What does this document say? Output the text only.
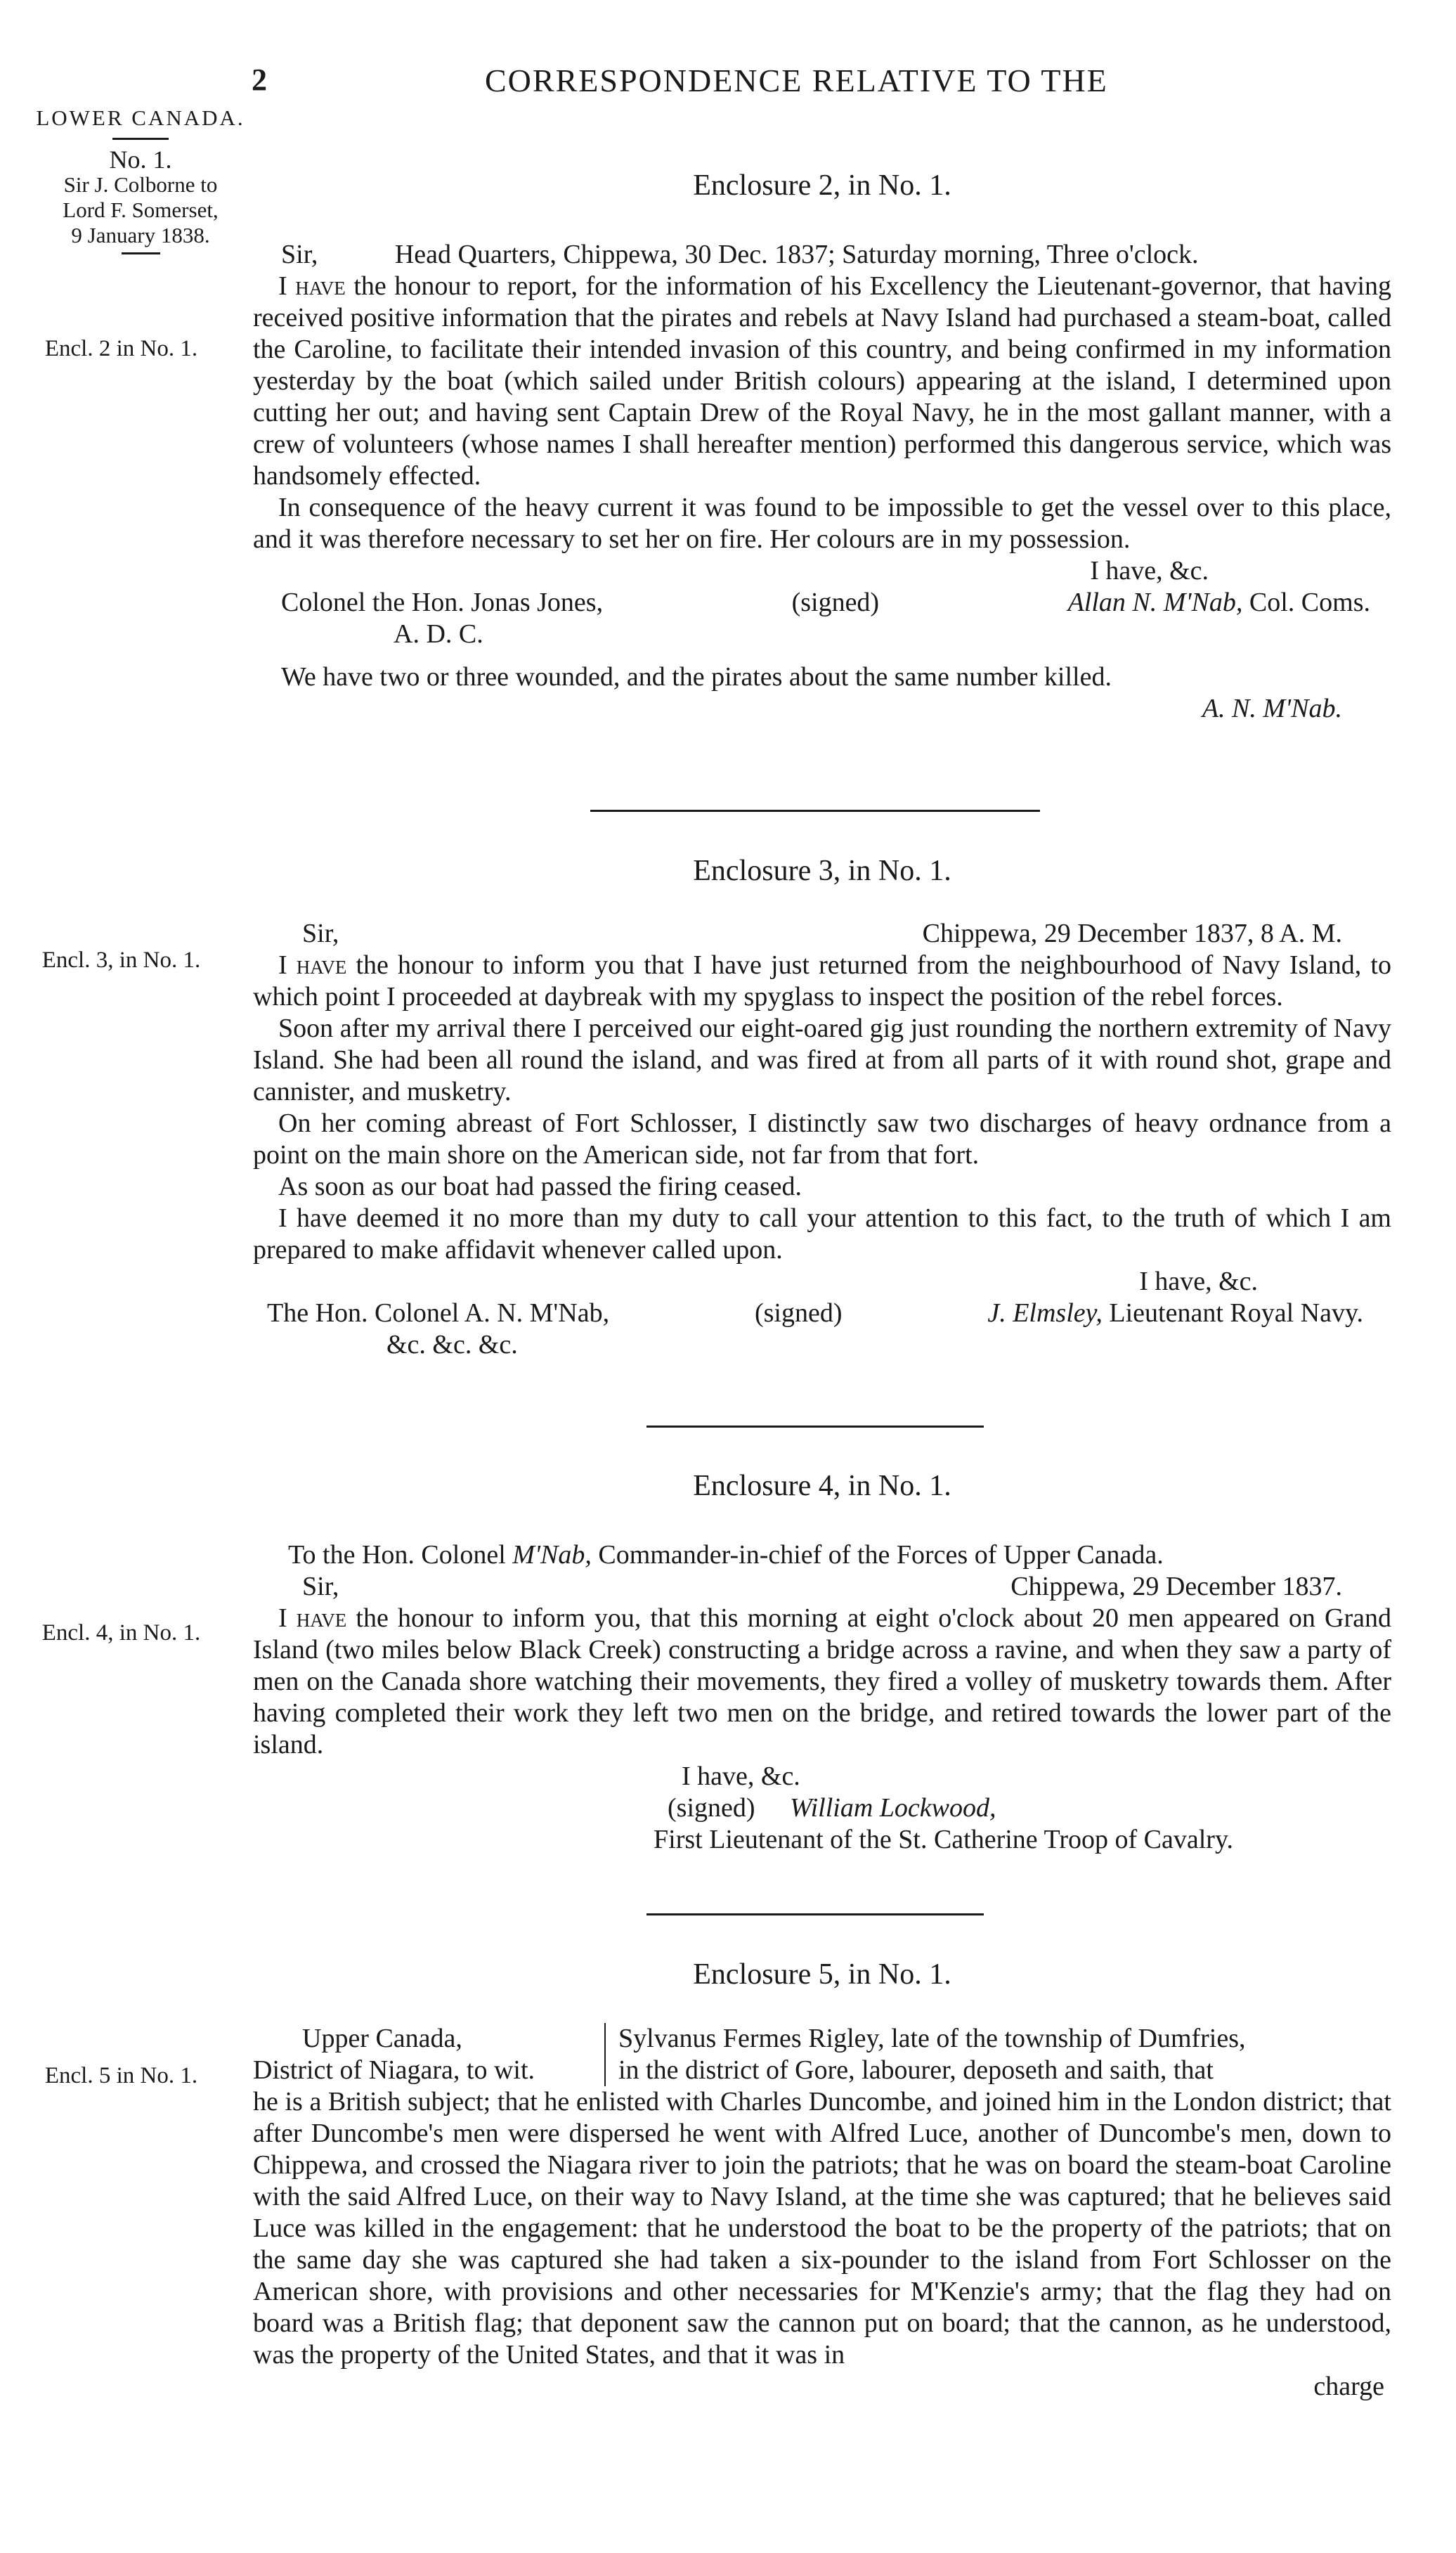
2	CORRESPONDENCE RELATIVE TO THE
LOWER CANADA.
No. 1.
Sir J. Colborne to
Lord F. Somerset,
9 January 1838.
Enclosure 2, in No. 1.
Encl. 2 in No. 1.

Sir,	Head Quarters, Chippewa, 30 Dec. 1837; Saturday morning, Three o'clock.

I have the honour to report, for the information of his Excellency the Lieutenant-governor, that having received positive information that the pirates and rebels at Navy Island had purchased a steam-boat, called the Caroline, to facilitate their intended invasion of this country, and being confirmed in my information yesterday by the boat (which sailed under British colours) appearing at the island, I determined upon cutting her out; and having sent Captain Drew of the Royal Navy, he in the most gallant manner, with a crew of volunteers (whose names I shall hereafter mention) performed this dangerous service, which was handsomely effected.

In consequence of the heavy current it was found to be impossible to get the vessel over to this place, and it was therefore necessary to set her on fire. Her colours are in my possession.

I have, &c.

Colonel the Hon. Jonas Jones,
A. D. C.
(signed)	Allan N. M'Nab, Col. Coms.

We have two or three wounded, and the pirates about the same number killed.

A. N. M'Nab.

Enclosure 3, in No. 1.
Encl. 3, in No. 1.

Sir,	Chippewa, 29 December 1837, 8 A. M.

I have the honour to inform you that I have just returned from the neighbourhood of Navy Island, to which point I proceeded at daybreak with my spyglass to inspect the position of the rebel forces.

Soon after my arrival there I perceived our eight-oared gig just rounding the northern extremity of Navy Island. She had been all round the island, and was fired at from all parts of it with round shot, grape and cannister, and musketry.

On her coming abreast of Fort Schlosser, I distinctly saw two discharges of heavy ordnance from a point on the main shore on the American side, not far from that fort.

As soon as our boat had passed the firing ceased.

I have deemed it no more than my duty to call your attention to this fact, to the truth of which I am prepared to make affidavit whenever called upon.

I have, &c.

The Hon. Colonel A. N. M'Nab,
&c. &c. &c.
(signed)	J. Elmsley, Lieutenant Royal Navy.
Enclosure 4, in No. 1.
Encl. 4, in No. 1.

To the Hon. Colonel M'Nab, Commander-in-chief of the Forces of Upper Canada.

Sir,	Chippewa, 29 December 1837.

I have the honour to inform you, that this morning at eight o'clock about 20 men appeared on Grand Island (two miles below Black Creek) constructing a bridge across a ravine, and when they saw a party of men on the Canada shore watching their movements, they fired a volley of musketry towards them. After having completed their work they left two men on the bridge, and retired towards the lower part of the island.

I have, &c.

(signed) William Lockwood,

First Lieutenant of the St. Catherine Troop of Cavalry.

Enclosure 5, in No. 1.
Encl. 5 in No. 1.
Upper Canada,
District of Niagara, to wit.
Sylvanus Fermes Rigley, late of the township of Dumfries,
in the district of Gore, labourer, deposeth and saith, that

he is a British subject; that he enlisted with Charles Duncombe, and joined him in the London district; that after Duncombe's men were dispersed he went with Alfred Luce, another of Duncombe's men, down to Chippewa, and crossed the Niagara river to join the patriots; that he was on board the steam-boat Caroline with the said Alfred Luce, on their way to Navy Island, at the time she was captured; that he believes said Luce was killed in the engagement: that he understood the boat to be the property of the patriots; that on the same day she was captured she had taken a six-pounder to the island from Fort Schlosser on the American shore, with provisions and other necessaries for M'Kenzie's army; that the flag they had on board was a British flag; that deponent saw the cannon put on board; that the cannon, as he understood, was the property of the United States, and that it was in

charge
